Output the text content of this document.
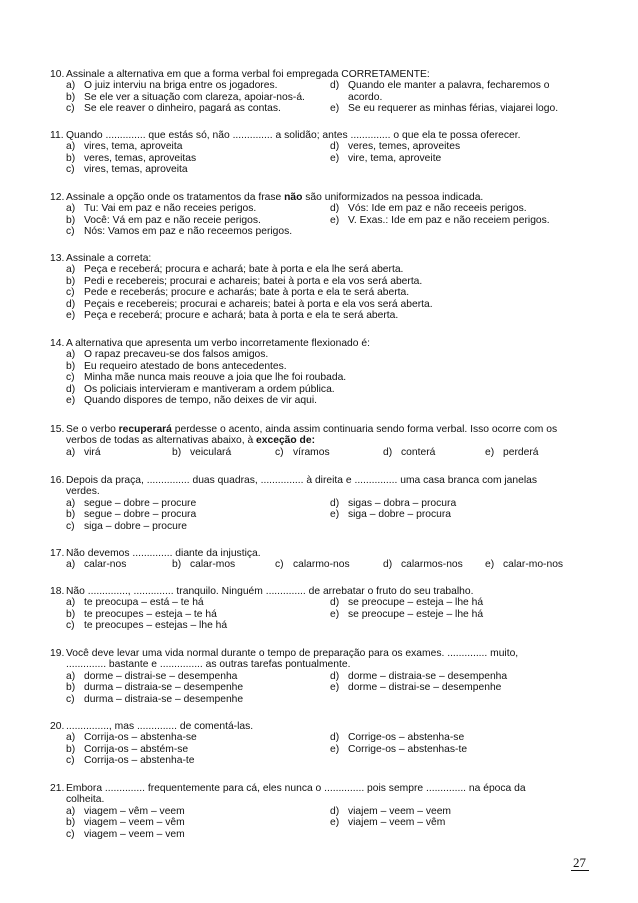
10. Assinale a alternativa em que a forma verbal foi empregada CORRETAMENTE:
a) O juiz interviu na briga entre os jogadores.	d) Quando ele manter a palavra, fecharemos o
b) Se ele ver a situação com clareza, apoiar-nos-á.	acordo.
c) Se ele reaver o dinheiro, pagará as contas.	e) Se eu requerer as minhas férias, viajarei logo.
11. Quando .............. que estás só, não .............. a solidão; antes .............. o que ela te possa oferecer.
a) vires, tema, aproveita	d) veres, temes, aproveites
b) veres, temas, aproveitas	e) vire, tema, aproveite
c) vires, temas, aproveita
12. Assinale a opção onde os tratamentos da frase não são uniformizados na pessoa indicada.
a) Tu: Vai em paz e não receies perigos.	d) Vós: Ide em paz e não receeis perigos.
b) Você: Vá em paz e não receie perigos.	e) V. Exas.: Ide em paz e não receiem perigos.
c) Nós: Vamos em paz e não receemos perigos.
13. Assinale a correta:
a) Peça e receberá; procura e achará; bate à porta e ela lhe será aberta.
b) Pedi e recebereis; procurai e achareis; batei à porta e ela vos será aberta.
c) Pede e receberás; procure e acharás; bate à porta e ela te será aberta.
d) Peçais e recebereis; procurai e achareis; batei à porta e ela vos será aberta.
e) Peça e receberá; procure e achará; bata à porta e ela te será aberta.
14. A alternativa que apresenta um verbo incorretamente flexionado é:
a) O rapaz precaveu-se dos falsos amigos.
b) Eu requeiro atestado de bons antecedentes.
c) Minha mãe nunca mais reouve a joia que lhe foi roubada.
d) Os policiais intervieram e mantiveram a ordem pública.
e) Quando dispores de tempo, não deixes de vir aqui.
15. Se o verbo recuperará perdesse o acento, ainda assim continuaria sendo forma verbal. Isso ocorre com os
verbos de todas as alternativas abaixo, à exceção de:
a) virá	b) veiculará	c) víramos	d) conterá	e) perderá
16. Depois da praça, ............... duas quadras, ............... à direita e ............... uma casa branca com janelas
verdes.
a) segue – dobre – procure	d) sigas – dobra – procura
b) segue – dobre – procura	e) siga – dobre – procura
c) siga – dobre – procure
17. Não devemos .............. diante da injustiça.
a) calar-nos	b) calar-mos	c) calarmo-nos	d) calarmos-nos e) calar-mo-nos
18. Não .............., .............. tranquilo. Ninguém .............. de arrebatar o fruto do seu trabalho.
a) te preocupa – está – te há	d) se preocupe – esteja – lhe há
b) te preocupes – esteja – te há	e) se preocupe – esteje – lhe há
c) te preocupes – estejas – lhe há
19. Você deve levar uma vida normal durante o tempo de preparação para os exames. .............. muito,
.............. bastante e ............... as outras tarefas pontualmente.
a) dorme – distrai-se – desempenha	d) dorme – distraia-se – desempenha
b) durma – distraia-se – desempenhe	e) dorme – distrai-se – desempenhe
c) durma – distraia-se – desempenhe
20. ..............., mas .............. de comentá-las.
a) Corrija-os – abstenha-se	d) Corrige-os – abstenha-se
b) Corrija-os – abstém-se	e) Corrige-os – abstenhas-te
c) Corrija-os – abstenha-te
21. Embora .............. frequentemente para cá, eles nunca o .............. pois sempre .............. na época da
colheita.
a) viagem – vêm – veem	d) viajem – veem – veem
b) viagem – veem – vêm	e) viajem – veem – vêm
c) viagem – veem – vem
27
